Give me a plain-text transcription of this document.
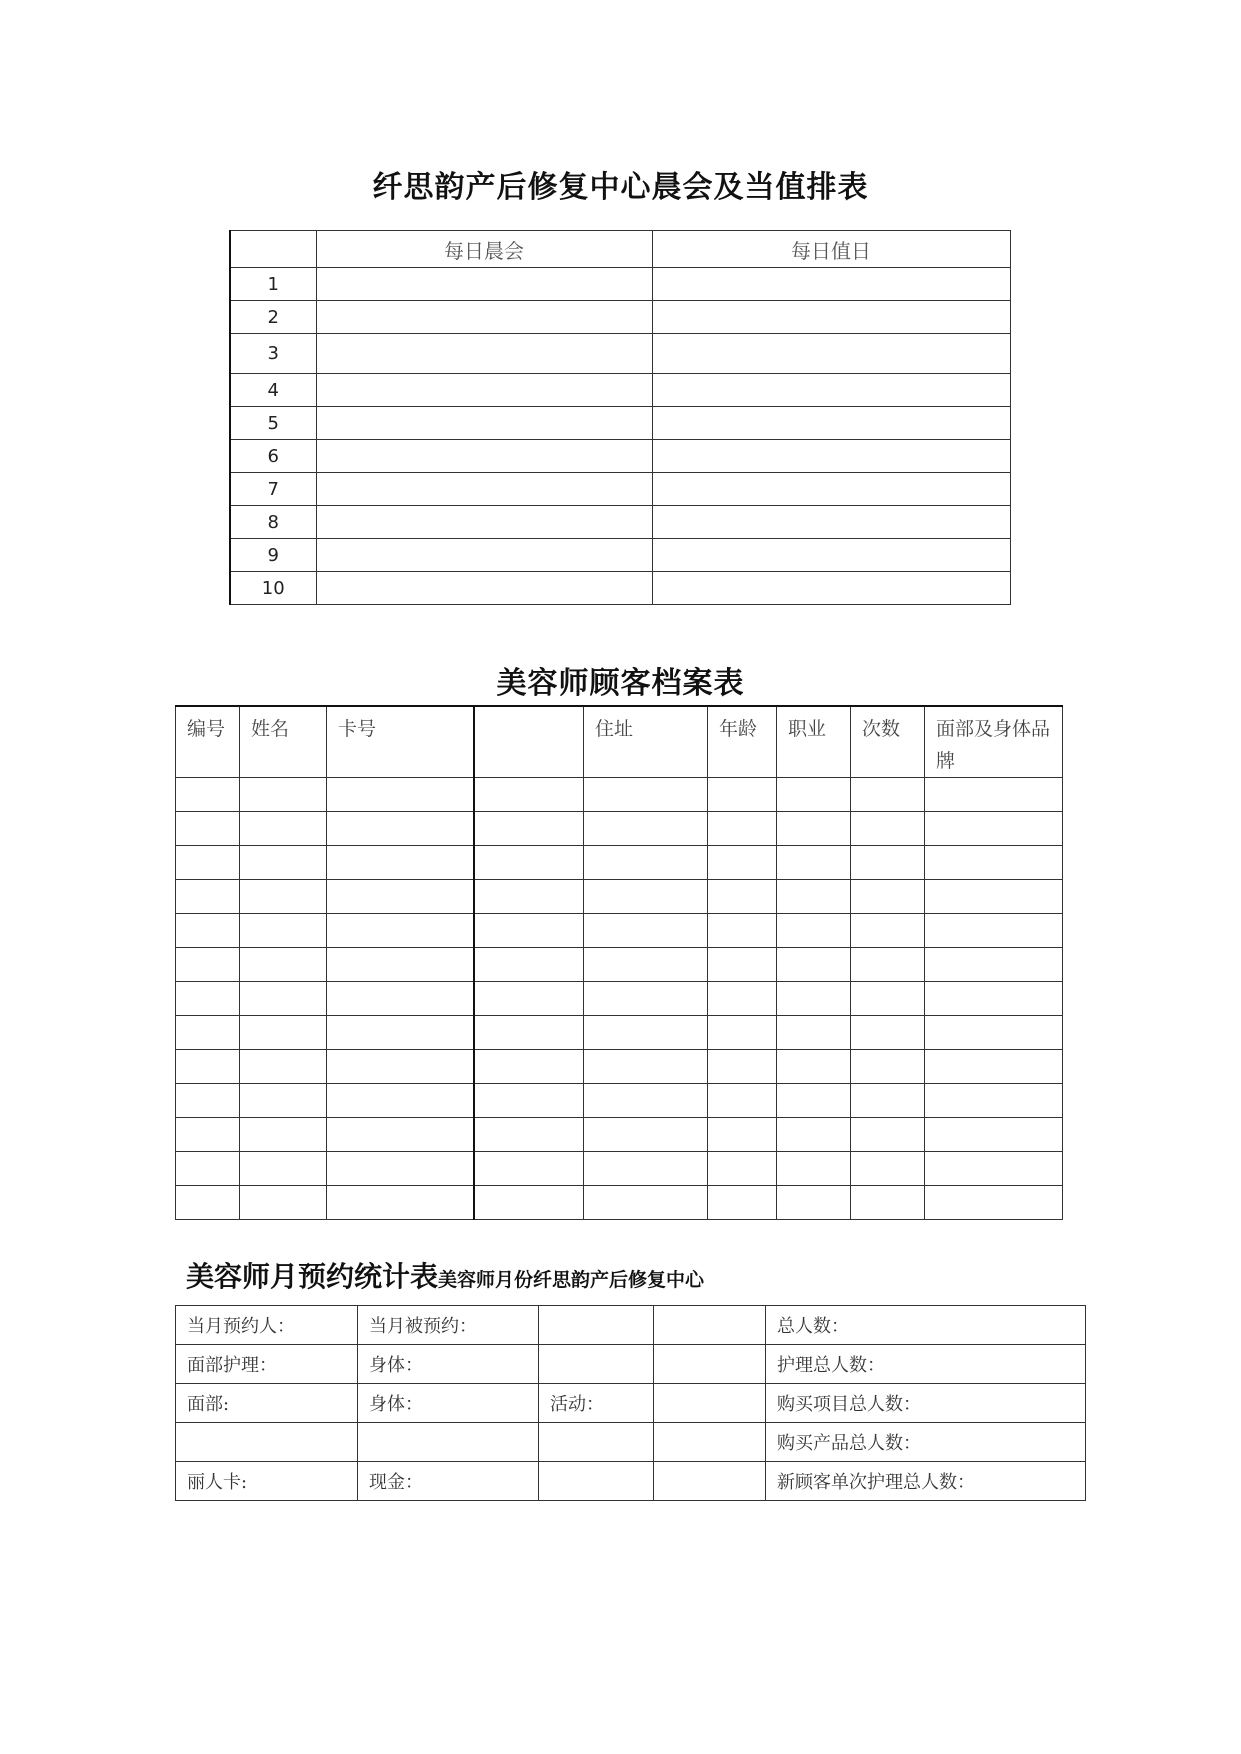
纤思韵产后修复中心晨会及当值排表
	每日晨会	每日值日
1		
2		
3		
4		
5		
6		
7		
8		
9		
10		
美容师顾客档案表
编号	姓名	卡号		住址	年龄	职业	次数	面部及身体品牌

美容师月预约统计表美容师月份纤思韵产后修复中心
当月预约人：	当月被预约：			总人数：
面部护理：	身体：			护理总人数：
面部:	身体：	活动：		购买项目总人数：
				购买产品总人数：
丽人卡:	现金：			新顾客单次护理总人数：
